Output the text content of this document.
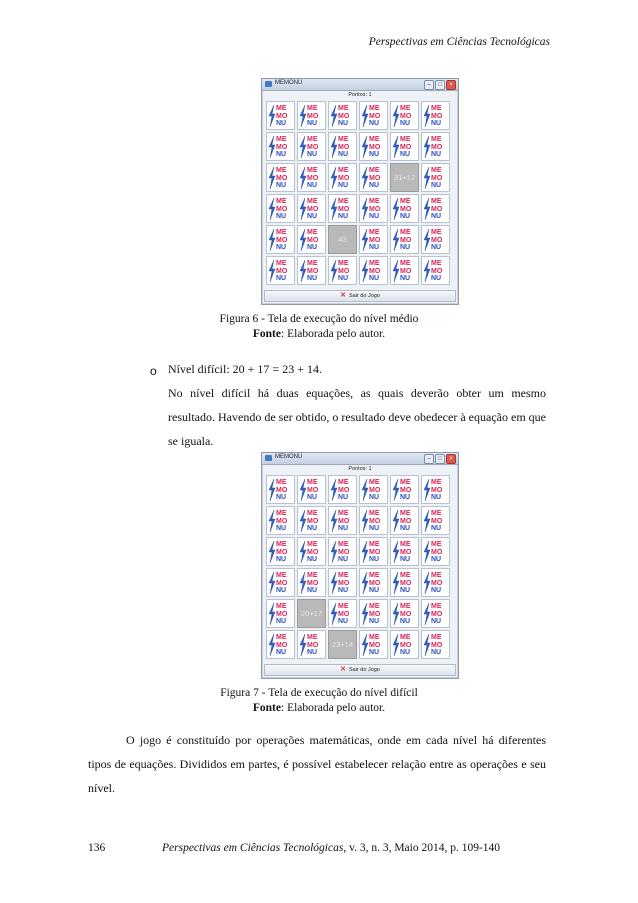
Perspectivas em Ciências Tecnológicas
MEMONU	–	□	×
Pontos: 1
ME
MO
NU
ME
MO
NU
ME
MO
NU
ME
MO
NU
ME
MO
NU
ME
MO
NU
ME
MO
NU
ME
MO
NU
ME
MO
NU
ME
MO
NU
ME
MO
NU
ME
MO
NU
ME
MO
NU
ME
MO
NU
ME
MO
NU
ME
MO
NU
31+12
ME
MO
NU
ME
MO
NU
ME
MO
NU
ME
MO
NU
ME
MO
NU
ME
MO
NU
ME
MO
NU
ME
MO
NU
ME
MO
NU
43
ME
MO
NU
ME
MO
NU
ME
MO
NU
ME
MO
NU
ME
MO
NU
ME
MO
NU
ME
MO
NU
ME
MO
NU
ME
MO
NU
✕ Sair do Jogo
Figura 6 - Tela de execução do nível médio
Fonte: Elaborada pelo autor.
o Nível difícil: 20 + 17 = 23 + 14.
No nível difícil há duas equações, as quais deverão obter um mesmo resultado. Havendo de ser obtido, o resultado deve obedecer à equação em que se iguala.
MEMONU	–	□	×
Pontos: 1
ME
MO
NU
ME
MO
NU
ME
MO
NU
ME
MO
NU
ME
MO
NU
ME
MO
NU
ME
MO
NU
ME
MO
NU
ME
MO
NU
ME
MO
NU
ME
MO
NU
ME
MO
NU
ME
MO
NU
ME
MO
NU
ME
MO
NU
ME
MO
NU
ME
MO
NU
ME
MO
NU
ME
MO
NU
ME
MO
NU
ME
MO
NU
ME
MO
NU
ME
MO
NU
ME
MO
NU
ME
MO
NU
20+17
ME
MO
NU
ME
MO
NU
ME
MO
NU
ME
MO
NU
ME
MO
NU
ME
MO
NU
23+14
ME
MO
NU
ME
MO
NU
ME
MO
NU
✕ Sair do Jogo
Figura 7 - Tela de execução do nível difícil
Fonte: Elaborada pelo autor.
O jogo é constituído por operações matemáticas, onde em cada nível há diferentes tipos de equações. Divididos em partes, é possível estabelecer relação entre as operações e seu nível.
136	Perspectivas em Ciências Tecnológicas, v. 3, n. 3, Maio 2014, p. 109-140
